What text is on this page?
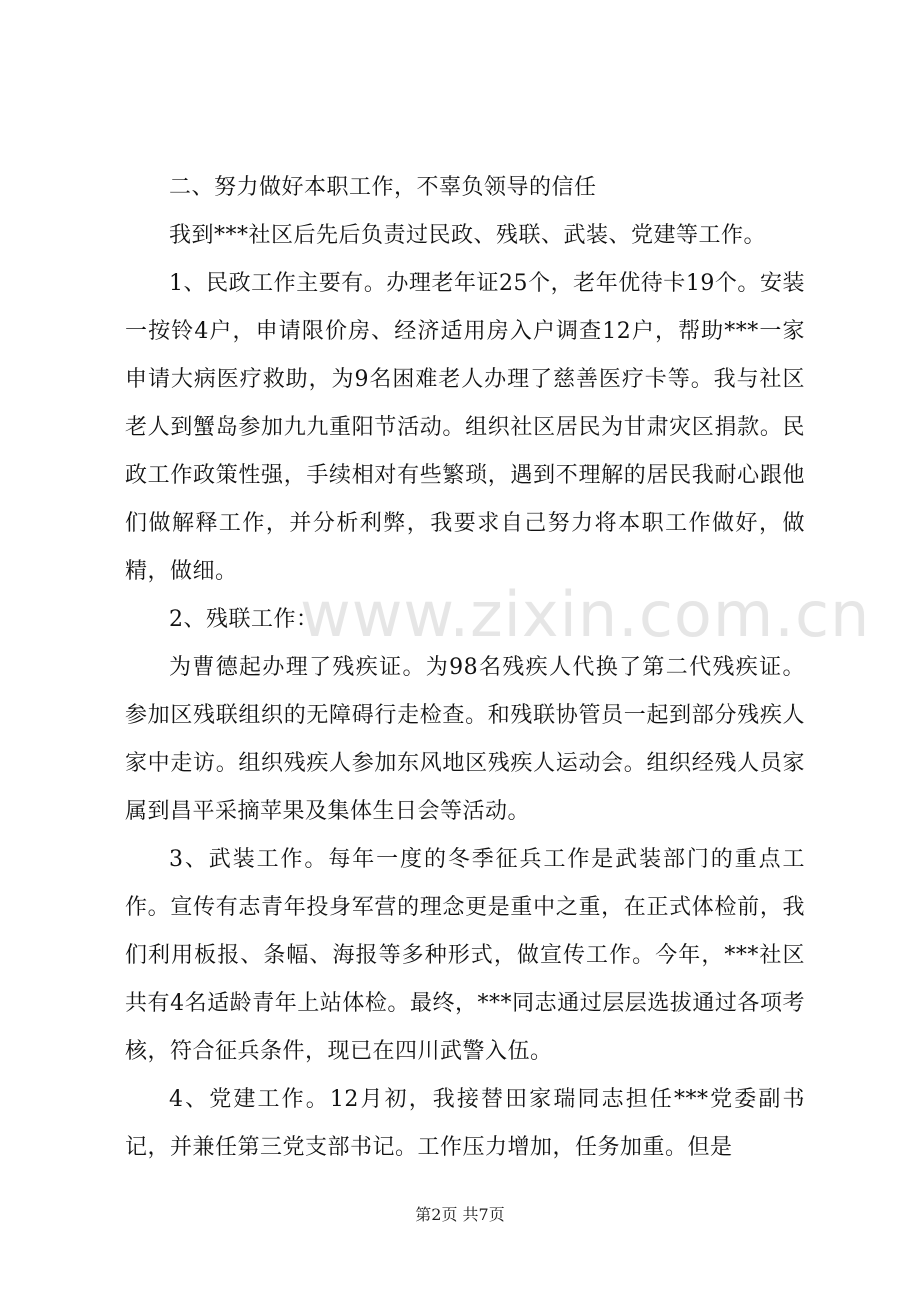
二、努力做好本职工作，不辜负领导的信任

我到***社区后先后负责过民政、残联、武装、党建等工作。

1、民政工作主要有。办理老年证25个，老年优待卡19个。安装一按铃4户，申请限价房、经济适用房入户调查12户，帮助***一家申请大病医疗救助，为9名困难老人办理了慈善医疗卡等。我与社区老人到蟹岛参加九九重阳节活动。组织社区居民为甘肃灾区捐款。民政工作政策性强，手续相对有些繁琐，遇到不理解的居民我耐心跟他们做解释工作，并分析利弊，我要求自己努力将本职工作做好，做精，做细。

2、残联工作：

为曹德起办理了残疾证。为98名残疾人代换了第二代残疾证。参加区残联组织的无障碍行走检查。和残联协管员一起到部分残疾人家中走访。组织残疾人参加东风地区残疾人运动会。组织经残人员家属到昌平采摘苹果及集体生日会等活动。

3、武装工作。每年一度的冬季征兵工作是武装部门的重点工作。宣传有志青年投身军营的理念更是重中之重，在正式体检前，我们利用板报、条幅、海报等多种形式，做宣传工作。今年，***社区共有4名适龄青年上站体检。最终，***同志通过层层选拔通过各项考核，符合征兵条件，现已在四川武警入伍。

4、党建工作。12月初，我接替田家瑞同志担任***党委副书记，并兼任第三党支部书记。工作压力增加，任务加重。但是

www.zixin.com.cn
第2页 共7页
